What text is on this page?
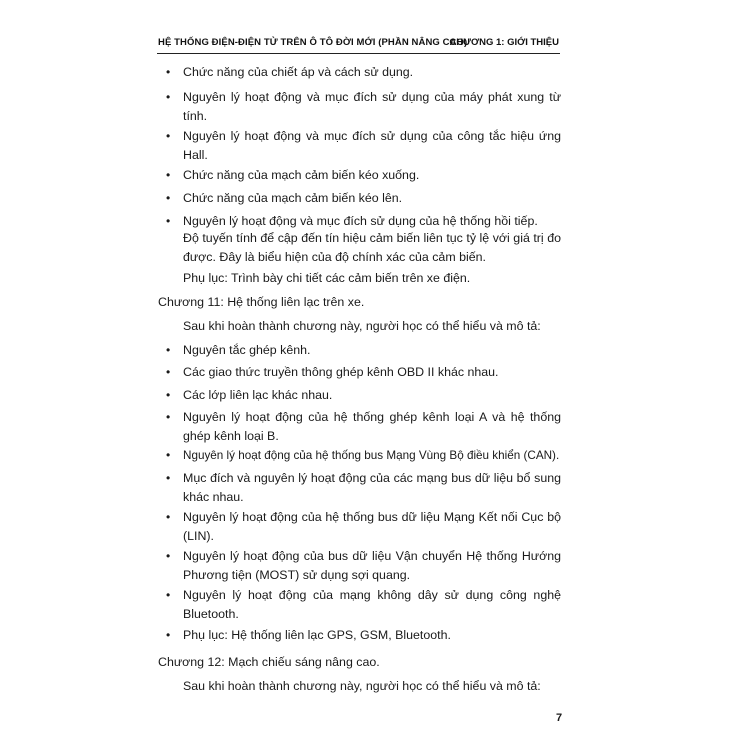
HỆ THỐNG ĐIỆN-ĐIỆN TỬ TRÊN Ô TÔ ĐỜI MỚI (PHẦN NÂNG CAO)
CHƯƠNG 1: GIỚI THIỆU
•	Chức năng của chiết áp và cách sử dụng.
•	Nguyên lý hoạt động và mục đích sử dụng của máy phát xung từ tính.
•	Nguyên lý hoạt động và mục đích sử dụng của công tắc hiệu ứng Hall.
•	Chức năng của mạch cảm biến kéo xuống.
•	Chức năng của mạch cảm biến kéo lên.
•	Nguyên lý hoạt động và mục đích sử dụng của hệ thống hồi tiếp.
Độ tuyến tính để cập đến tín hiệu cảm biến liên tục tỷ lệ với giá trị đo được. Đây là biểu hiện của độ chính xác của cảm biến.
Phụ lục: Trình bày chi tiết các cảm biến trên xe điện.
Chương 11: Hệ thống liên lạc trên xe.
Sau khi hoàn thành chương này, người học có thể hiểu và mô tả:
•	Nguyên tắc ghép kênh.
•	Các giao thức truyền thông ghép kênh OBD II khác nhau.
•	Các lớp liên lạc khác nhau.
•	Nguyên lý hoạt động của hệ thống ghép kênh loại A và hệ thống ghép kênh loại B.
•	Nguyên lý hoạt động của hệ thống bus Mạng Vùng Bộ điều khiển (CAN).
•	Mục đích và nguyên lý hoạt động của các mạng bus dữ liệu bổ sung khác nhau.
•	Nguyên lý hoạt động của hệ thống bus dữ liệu Mạng Kết nối Cục bộ (LIN).
•	Nguyên lý hoạt động của bus dữ liệu Vận chuyển Hệ thống Hướng Phương tiện (MOST) sử dụng sợi quang.
•	Nguyên lý hoạt động của mạng không dây sử dụng công nghệ Bluetooth.
•	Phụ lục: Hệ thống liên lạc GPS, GSM, Bluetooth.
Chương 12: Mạch chiếu sáng nâng cao.
Sau khi hoàn thành chương này, người học có thể hiểu và mô tả:
7
